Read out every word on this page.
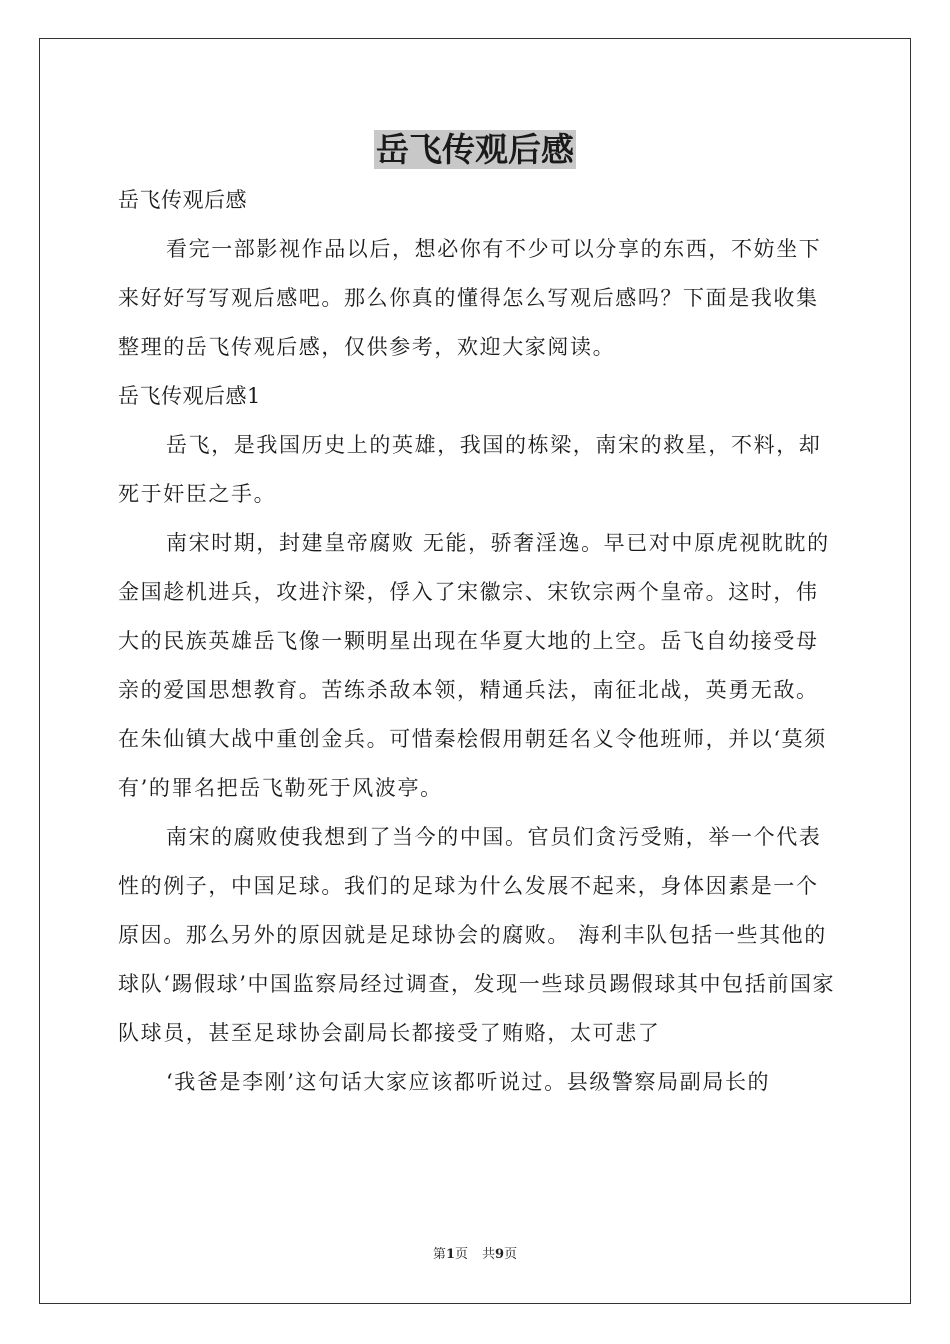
岳飞传观后感

岳飞传观后感

看完一部影视作品以后，想必你有不少可以分享的东西，不妨坐下来好好写写观后感吧。那么你真的懂得怎么写观后感吗？下面是我收集整理的岳飞传观后感，仅供参考，欢迎大家阅读。

岳飞传观后感1

岳飞，是我国历史上的英雄，我国的栋梁，南宋的救星，不料，却死于奸臣之手。

南宋时期，封建皇帝腐败 无能，骄奢淫逸。早已对中原虎视眈眈的金国趁机进兵，攻进汴梁，俘入了宋徽宗、宋钦宗两个皇帝。这时，伟大的民族英雄岳飞像一颗明星出现在华夏大地的上空。岳飞自幼接受母亲的爱国思想教育。苦练杀敌本领，精通兵法，南征北战，英勇无敌。在朱仙镇大战中重创金兵。可惜秦桧假用朝廷名义令他班师，并以‘莫须有’的罪名把岳飞勒死于风波亭。

南宋的腐败使我想到了当今的中国。官员们贪污受贿，举一个代表性的例子，中国足球。我们的足球为什么发展不起来，身体因素是一个原因。那么另外的原因就是足球协会的腐败。 海利丰队包括一些其他的球队‘踢假球’中国监察局经过调查，发现一些球员踢假球其中包括前国家队球员，甚至足球协会副局长都接受了贿赂，太可悲了

‘我爸是李刚’这句话大家应该都听说过。县级警察局副局长的

第1页 共9页
